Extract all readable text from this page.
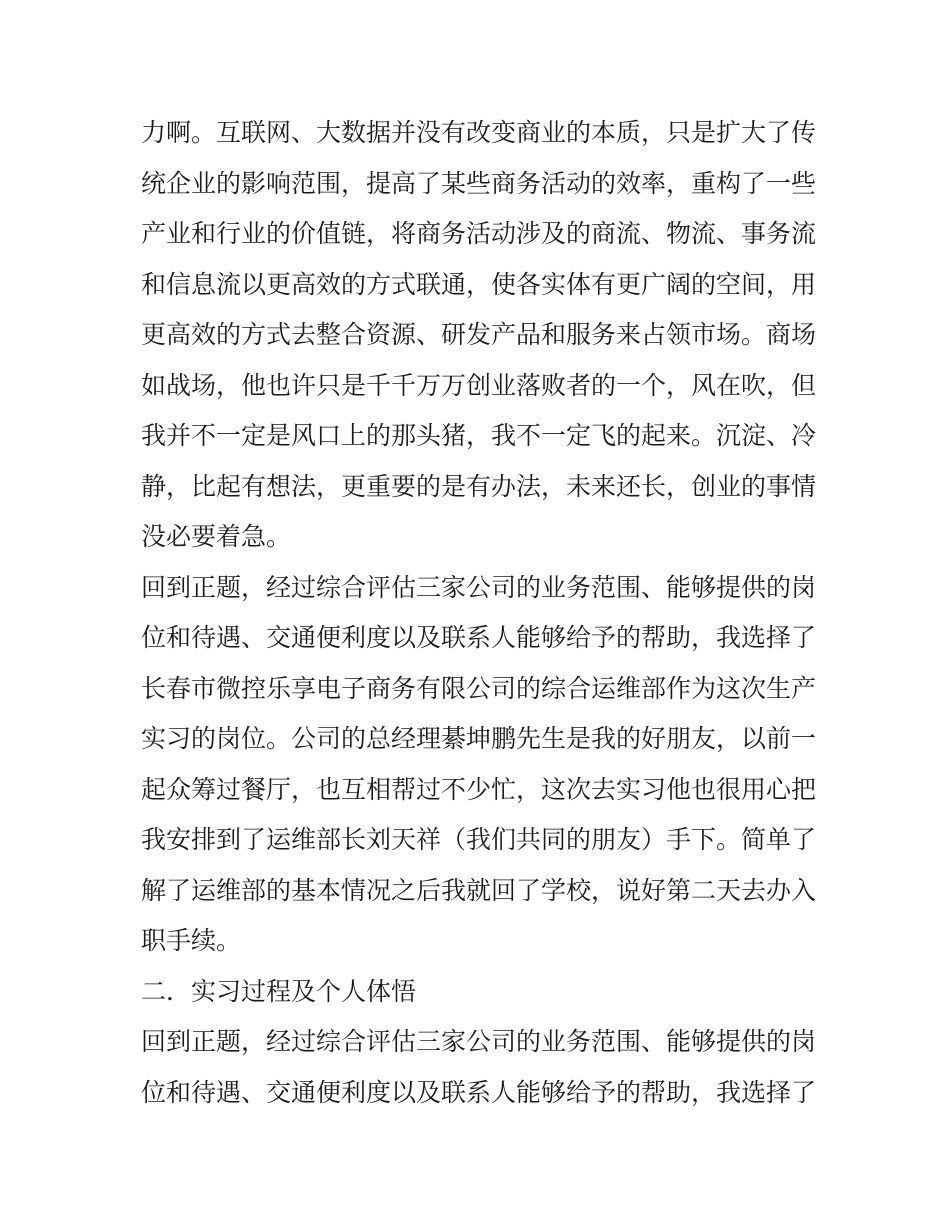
力啊。互联网、大数据并没有改变商业的本质，只是扩大了传
统企业的影响范围，提高了某些商务活动的效率，重构了一些
产业和行业的价值链，将商务活动涉及的商流、物流、事务流
和信息流以更高效的方式联通，使各实体有更广阔的空间，用
更高效的方式去整合资源、研发产品和服务来占领市场。商场
如战场，他也许只是千千万万创业落败者的一个，风在吹，但
我并不一定是风口上的那头猪，我不一定飞的起来。沉淀、冷
静，比起有想法，更重要的是有办法，未来还长，创业的事情
没必要着急。
回到正题，经过综合评估三家公司的业务范围、能够提供的岗
位和待遇、交通便利度以及联系人能够给予的帮助，我选择了
长春市微控乐享电子商务有限公司的综合运维部作为这次生产
实习的岗位。公司的总经理綦坤鹏先生是我的好朋友，以前一
起众筹过餐厅，也互相帮过不少忙，这次去实习他也很用心把
我安排到了运维部长刘天祥（我们共同的朋友）手下。简单了
解了运维部的基本情况之后我就回了学校，说好第二天去办入
职手续。
二．实习过程及个人体悟
回到正题，经过综合评估三家公司的业务范围、能够提供的岗
位和待遇、交通便利度以及联系人能够给予的帮助，我选择了
